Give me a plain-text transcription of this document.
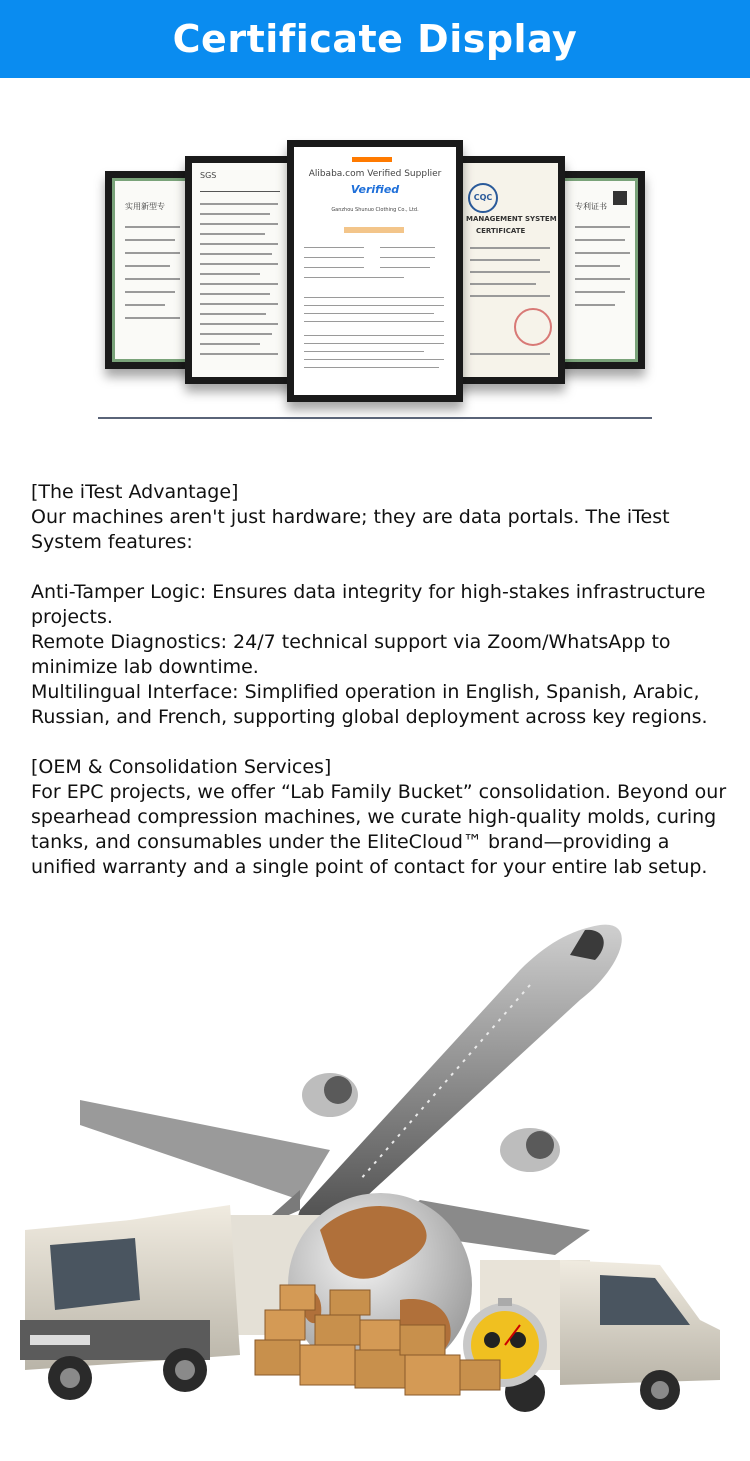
Certificate Display
实用新型专
SGS
专利证书
CQC
MANAGEMENT SYSTEM
CERTIFICATE
Alibaba.com Verified Supplier
Verified
Ganzhou Shunuo Clothing Co., Ltd.

[The iTest Advantage]

Our machines aren't just hardware; they are data portals. The iTest System features:

Anti-Tamper Logic: Ensures data integrity for high-stakes infrastructure projects.

Remote Diagnostics: 24/7 technical support via Zoom/WhatsApp to minimize lab downtime.

Multilingual Interface: Simplified operation in English, Spanish, Arabic, Russian, and French, supporting global deployment across key regions.

[OEM & Consolidation Services]

For EPC projects, we offer “Lab Family Bucket” consolidation. Beyond our spearhead compression machines, we curate high-quality molds, curing tanks, and consumables under the EliteCloud™ brand—providing a unified warranty and a single point of contact for your entire lab setup.
